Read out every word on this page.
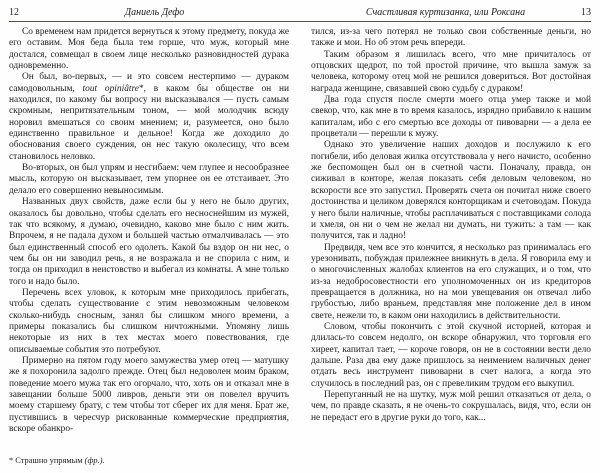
12	Даниель Дефо	Счастливая куртизанка, или Роксана	13

Со временем нам придется вернуться к этому предмету, покуда же его оставим. Моя беда была тем горше, что муж, который мне достался, совмещал в своем лице несколько разновидностей дурака одновременно.

Он был, во-первых, — и это совсем нестерпимо — дураком самодовольным, tout opiniâtre*, в каком бы обществе он ни находился, по какому бы вопросу ни высказывался — пусть самым скромным, непритязательным тоном, — мой молодчик всюду норовил вмешаться со своим мнением; и, разумеется, оно было единственно правильное и дельное! Когда же доходило до обоснования своего суждения, он нес такую околесицу, что всем становилось неловко.

Во-вторых, он был упрям и несгибаем: чем глупее и несообразнее мысль, которую он высказывает, тем упорнее он ее отстаивает. Это делало его совершенно невыносимым.

Названных двух свойств, даже если бы у него не было других, оказалось бы довольно, чтобы сделать его несноснейшим из мужей, так что всякому, я думаю, очевидно, каково мне было с ним жить. Впрочем, я не падала духом и большей частью отмалчивалась — это был единственный способ его одолеть. Какой бы вздор он ни нес, о чем бы он ни заводил речь, я не возражала и не спорила с ним, и тогда он приходил в неистовство и выбегал из комнаты. А мне только того и надо было.

Перечень всех уловок, к которым мне приходилось прибегать, чтобы сделать существование с этим невозможным человеком сколько-нибудь сносным, занял бы слишком много времени, а примеры показались бы слишком ничтожными. Упомяну лишь некоторые из них в тех местах моего повествования, где описываемые события это потребуют.

Примерно на пятом году моего замужества умер отец — матушку же я похоронила задолго прежде. Отец был недоволен моим браком, поведение моего мужа так его огорчало, что, хоть он и отказал мне в завещании больше 5000 ливров, деньги эти он повелел вручить моему старшему брату, с тем чтобы тот сберег их для меня. Брат же, пустившись в чересчур рискованные коммерческие предприятия, вскоре обанкро-

* Страшно упрямым (фр.).

тился, из-за чего потерял не только свои собственные деньги, но также и мои. Но об этом речь впереди.

Таким образом я лишилась всего, что мне причиталось от отцовских щедрот, по той простой причине, что вышла замуж за человека, которому отец мой не решился довериться. Вот достойная награда женщине, связавшей свою судьбу с дураком!

Два года спустя после смерти моего отца умер также и мой свекор, что, как мне в то время казалось, изрядно прибавило к нашим капиталам, ибо с его смертью все доходы от пивоварни — а дела ее процветали — перешли к мужу.

Однако это увеличение наших доходов и послужило к его погибели, ибо деловая жилка отсутствовала у него начисто, особенно же беспомощен был он в счетной части. Поначалу, правда, он сиживал в конторе, желая показать себя деловым человеком, но вскорости все это запустил. Проверять счета он почитал ниже своего достоинства и целиком доверялся конторщикам и счетоводам. Покуда у него были наличные, чтобы расплачиваться с поставщиками солода и хмеля, он ни о чем не желал ни думать, ни тужить: а там — как получится, так и ладно!

Предвидя, чем все это кончится, я несколько раз принималась его урезонивать, побуждая прилежнее вникнуть в дела. Я говорила ему и о многочисленных жалобах клиентов на его служащих, и о том, что из-за недобросовестности его уполномоченных он из кредиторов превращается в должника, но на мои увещевания он отвечал либо грубостью, либо враньем, представляя мне положение дел в ином свете, нежели то, в каком они находились в действительности.

Словом, чтобы покончить с этой скучной историей, которая и длилась-то совсем недолго, он вскоре обнаружил, что торговля его хиреет, капитал тает, — короче говоря, он не в состоянии вести дело дальше. Раза два ему даже пришлось за неимением наличных денег отдать весь инструмент пивоварни в счет налога, а когда это случилось в последний раз, он с превеликим трудом его выкупил.

Перепуганный не на шутку, муж мой решил отказаться от дела, о чем, по правде сказать, я не очень-то сокрушалась, видя, что, если он не передаст его в другие руки до того, как...
